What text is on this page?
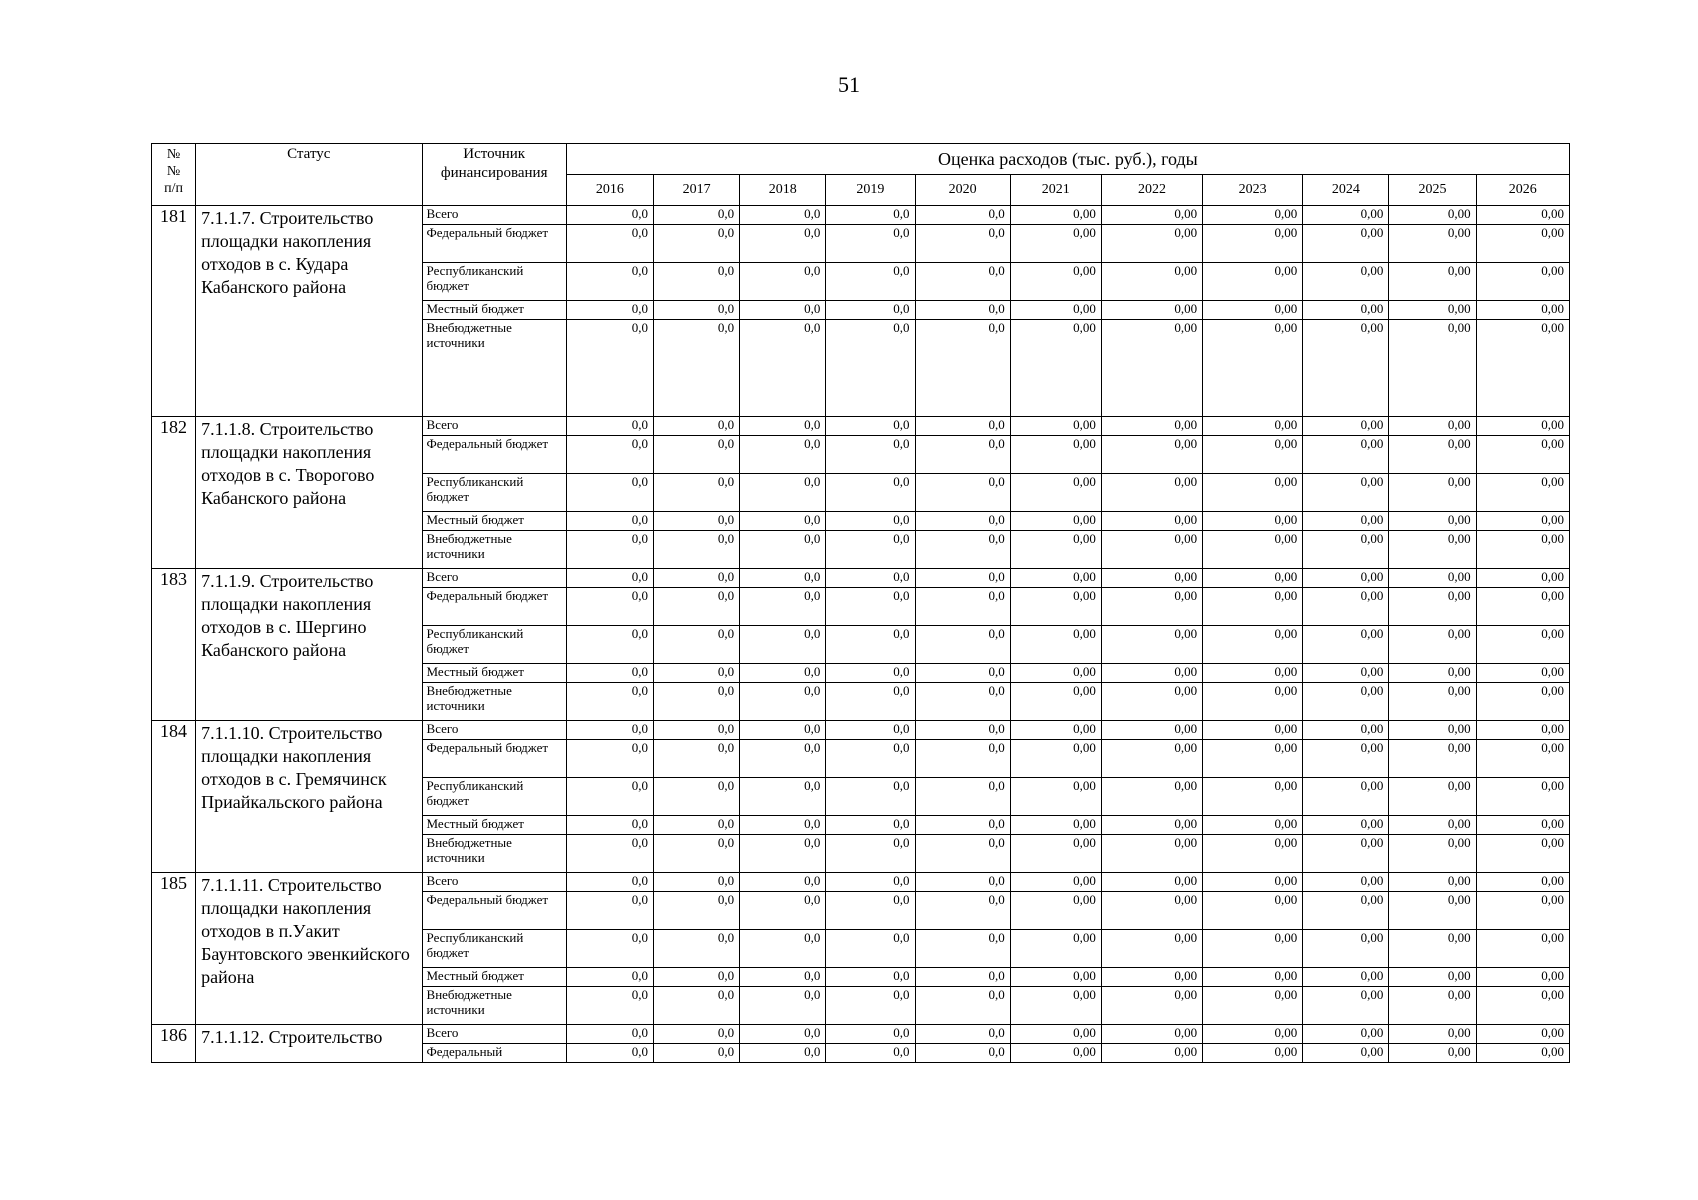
51
№
№
п/п	Статус	Источник финансирования	Оценка расходов (тыс. руб.), годы										
			2016	2017	2018	2019	2020	2021	2022	2023	2024	2025	2026
181	7.1.1.7. Строительство площадки накопления отходов в с. Кудара Кабанского района	Всего	0,0	0,0	0,0	0,0	0,0	0,00	0,00	0,00	0,00	0,00	0,00
		Федеральный бюджет	0,0	0,0	0,0	0,0	0,0	0,00	0,00	0,00	0,00	0,00	0,00
		Республиканский бюджет	0,0	0,0	0,0	0,0	0,0	0,00	0,00	0,00	0,00	0,00	0,00
		Местный бюджет	0,0	0,0	0,0	0,0	0,0	0,00	0,00	0,00	0,00	0,00	0,00
		Внебюджетные источники	0,0	0,0	0,0	0,0	0,0	0,00	0,00	0,00	0,00	0,00	0,00
182	7.1.1.8. Строительство площадки накопления отходов в с. Творогово Кабанского района	Всего	0,0	0,0	0,0	0,0	0,0	0,00	0,00	0,00	0,00	0,00	0,00
		Федеральный бюджет	0,0	0,0	0,0	0,0	0,0	0,00	0,00	0,00	0,00	0,00	0,00
		Республиканский бюджет	0,0	0,0	0,0	0,0	0,0	0,00	0,00	0,00	0,00	0,00	0,00
		Местный бюджет	0,0	0,0	0,0	0,0	0,0	0,00	0,00	0,00	0,00	0,00	0,00
		Внебюджетные источники	0,0	0,0	0,0	0,0	0,0	0,00	0,00	0,00	0,00	0,00	0,00
183	7.1.1.9. Строительство площадки накопления отходов в с. Шергино Кабанского района	Всего	0,0	0,0	0,0	0,0	0,0	0,00	0,00	0,00	0,00	0,00	0,00
		Федеральный бюджет	0,0	0,0	0,0	0,0	0,0	0,00	0,00	0,00	0,00	0,00	0,00
		Республиканский бюджет	0,0	0,0	0,0	0,0	0,0	0,00	0,00	0,00	0,00	0,00	0,00
		Местный бюджет	0,0	0,0	0,0	0,0	0,0	0,00	0,00	0,00	0,00	0,00	0,00
		Внебюджетные источники	0,0	0,0	0,0	0,0	0,0	0,00	0,00	0,00	0,00	0,00	0,00
184	7.1.1.10. Строительство площадки накопления отходов в с. Гремячинск Приайкальского района	Всего	0,0	0,0	0,0	0,0	0,0	0,00	0,00	0,00	0,00	0,00	0,00
		Федеральный бюджет	0,0	0,0	0,0	0,0	0,0	0,00	0,00	0,00	0,00	0,00	0,00
		Республиканский бюджет	0,0	0,0	0,0	0,0	0,0	0,00	0,00	0,00	0,00	0,00	0,00
		Местный бюджет	0,0	0,0	0,0	0,0	0,0	0,00	0,00	0,00	0,00	0,00	0,00
		Внебюджетные источники	0,0	0,0	0,0	0,0	0,0	0,00	0,00	0,00	0,00	0,00	0,00
185	7.1.1.11. Строительство площадки накопления отходов в п.Уакит Баунтовского эвенкийского района	Всего	0,0	0,0	0,0	0,0	0,0	0,00	0,00	0,00	0,00	0,00	0,00
		Федеральный бюджет	0,0	0,0	0,0	0,0	0,0	0,00	0,00	0,00	0,00	0,00	0,00
		Республиканский бюджет	0,0	0,0	0,0	0,0	0,0	0,00	0,00	0,00	0,00	0,00	0,00
		Местный бюджет	0,0	0,0	0,0	0,0	0,0	0,00	0,00	0,00	0,00	0,00	0,00
		Внебюджетные источники	0,0	0,0	0,0	0,0	0,0	0,00	0,00	0,00	0,00	0,00	0,00
186	7.1.1.12. Строительство	Всего	0,0	0,0	0,0	0,0	0,0	0,00	0,00	0,00	0,00	0,00	0,00
		Федеральный	0,0	0,0	0,0	0,0	0,0	0,00	0,00	0,00	0,00	0,00	0,00
